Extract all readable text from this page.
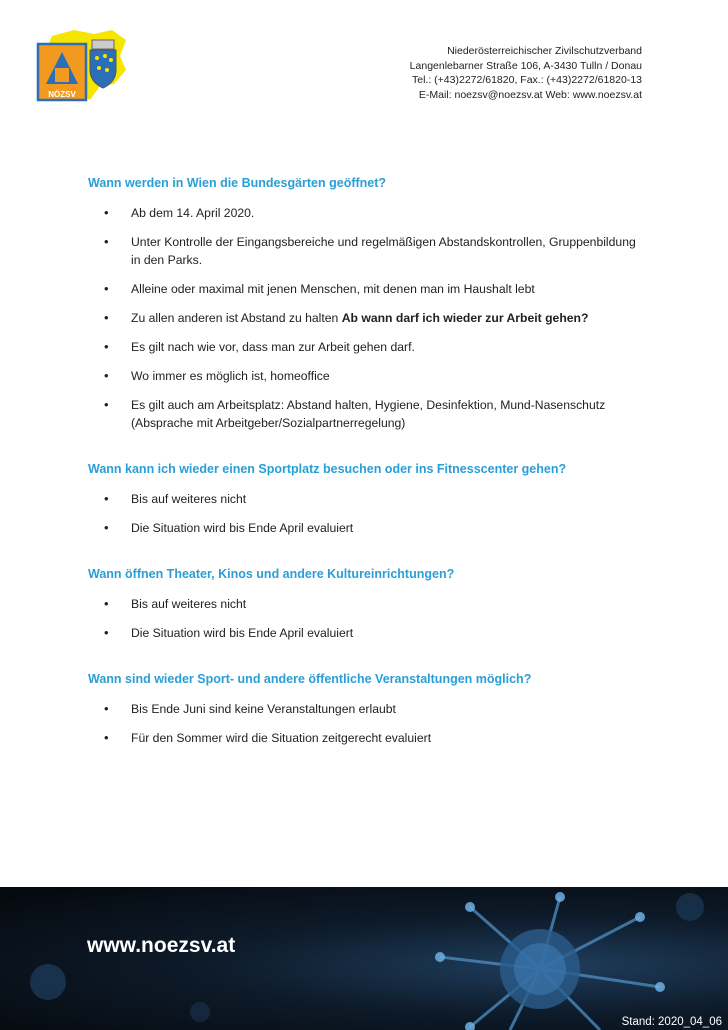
NÖZSV
Niederösterreichischer Zivilschutzverband
Langenlebarner Straße 106, A-3430 Tulln / Donau
Tel.: (+43)2272/61820, Fax.: (+43)2272/61820-13
E-Mail: noezsv@noezsv.at Web: www.noezsv.at
Wann werden in Wien die Bundesgärten geöffnet?
• Ab dem 14. April 2020.
• Unter Kontrolle der Eingangsbereiche und regelmäßigen Abstandskontrollen, Gruppenbildung in den Parks.
• Alleine oder maximal mit jenen Menschen, mit denen man im Haushalt lebt
• Zu allen anderen ist Abstand zu halten Ab wann darf ich wieder zur Arbeit gehen?
• Es gilt nach wie vor, dass man zur Arbeit gehen darf.
• Wo immer es möglich ist, homeoffice
• Es gilt auch am Arbeitsplatz: Abstand halten, Hygiene, Desinfektion, Mund-Nasenschutz (Absprache mit Arbeitgeber/Sozialpartnerregelung)
Wann kann ich wieder einen Sportplatz besuchen oder ins Fitnesscenter gehen?
• Bis auf weiteres nicht
• Die Situation wird bis Ende April evaluiert
Wann öffnen Theater, Kinos und andere Kultureinrichtungen?
• Bis auf weiteres nicht
• Die Situation wird bis Ende April evaluiert
Wann sind wieder Sport- und andere öffentliche Veranstaltungen möglich?
• Bis Ende Juni sind keine Veranstaltungen erlaubt
• Für den Sommer wird die Situation zeitgerecht evaluiert
www.noezsv.at
Stand: 2020_04_06
